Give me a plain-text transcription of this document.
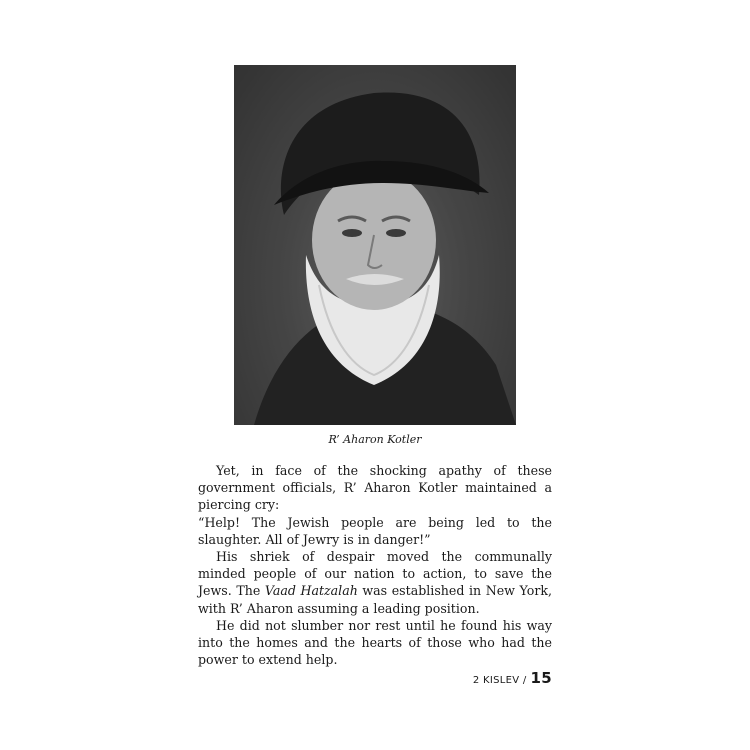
R’ Aharon Kotler

Yet, in face of the shocking apathy of these government officials, R’ Aharon Kotler maintained a piercing cry:

“Help! The Jewish people are being led to the slaughter. All of Jewry is in danger!”

His shriek of despair moved the communally minded people of our nation to action, to save the Jews. The Vaad Hatzalah was established in New York, with R’ Aharon assuming a leading position.

He did not slumber nor rest until he found his way into the homes and the hearts of those who had the power to extend help.

2 KISLEV / 15
